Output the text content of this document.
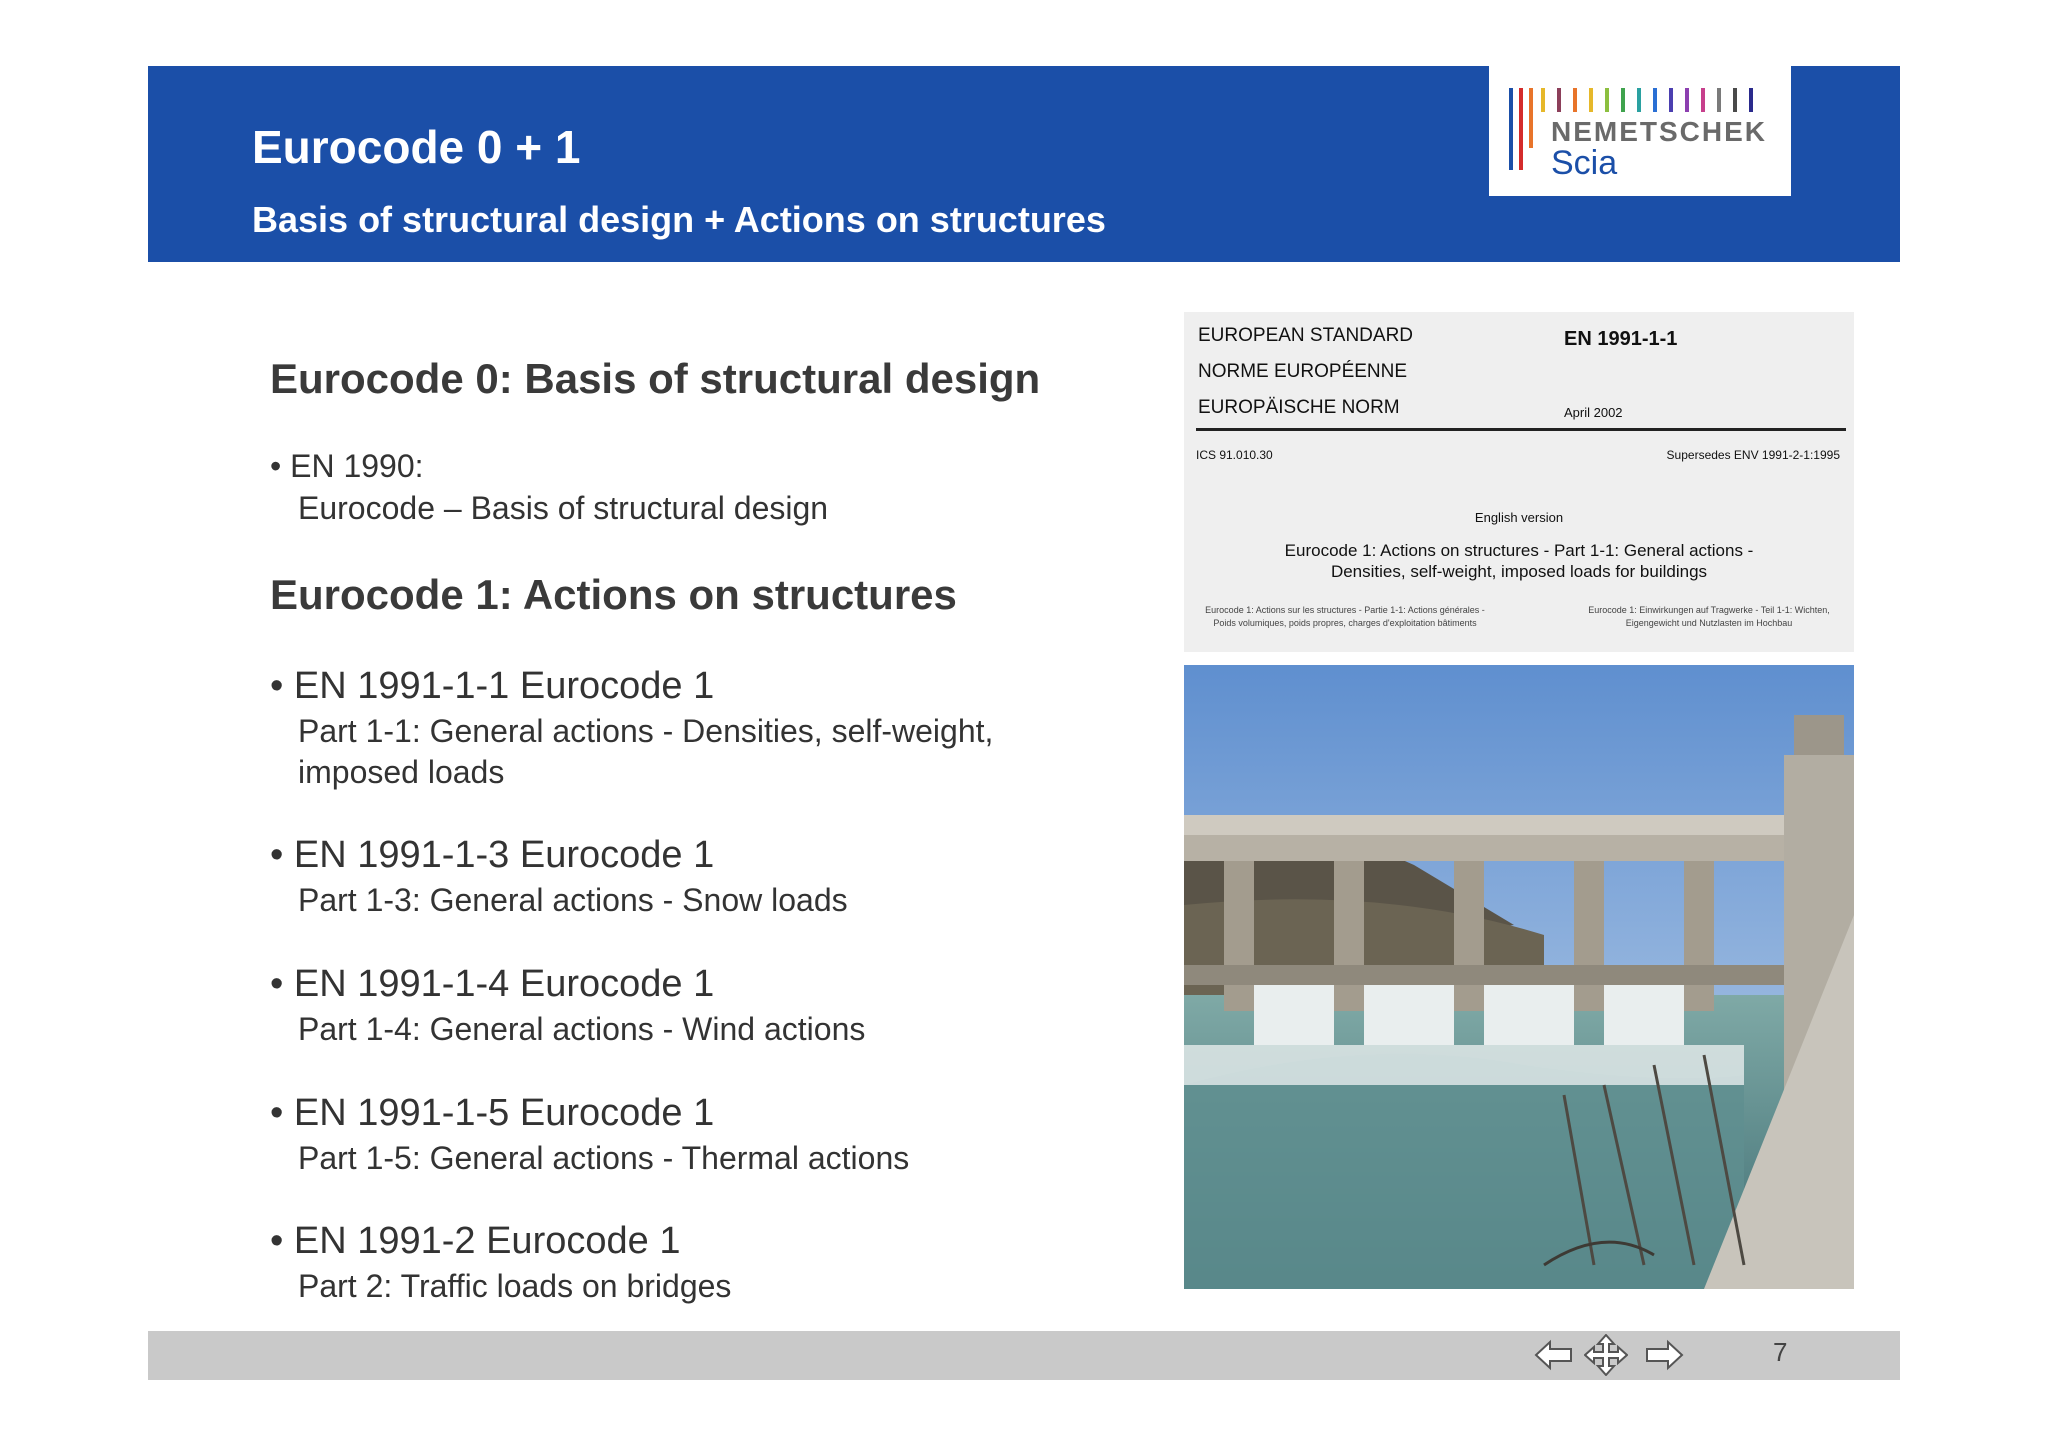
Eurocode 0 + 1
Basis of structural design + Actions on structures
NEMETSCHEK
Scia
Eurocode 0: Basis of structural design
• EN 1990:
Eurocode – Basis of structural design
Eurocode 1: Actions on structures
• EN 1991-1-1 Eurocode 1
Part 1-1: General actions - Densities, self-weight, imposed loads
• EN 1991-1-3 Eurocode 1
Part 1-3: General actions - Snow loads
• EN 1991-1-4 Eurocode 1
Part 1-4: General actions - Wind actions
• EN 1991-1-5 Eurocode 1
Part 1-5: General actions - Thermal actions
• EN 1991-2 Eurocode 1
Part 2: Traffic loads on bridges
EUROPEAN STANDARD
NORME EUROPÉENNE
EUROPÄISCHE NORM
EN 1991-1-1
April 2002
ICS 91.010.30	Supersedes ENV 1991-2-1:1995
English version
Eurocode 1: Actions on structures - Part 1-1: General actions -
Densities, self-weight, imposed loads for buildings
Eurocode 1: Actions sur les structures - Partie 1-1: Actions générales - Poids volumiques, poids propres, charges d'exploitation bâtiments
Eurocode 1: Einwirkungen auf Tragwerke - Teil 1-1: Wichten, Eigengewicht und Nutzlasten im Hochbau
7
